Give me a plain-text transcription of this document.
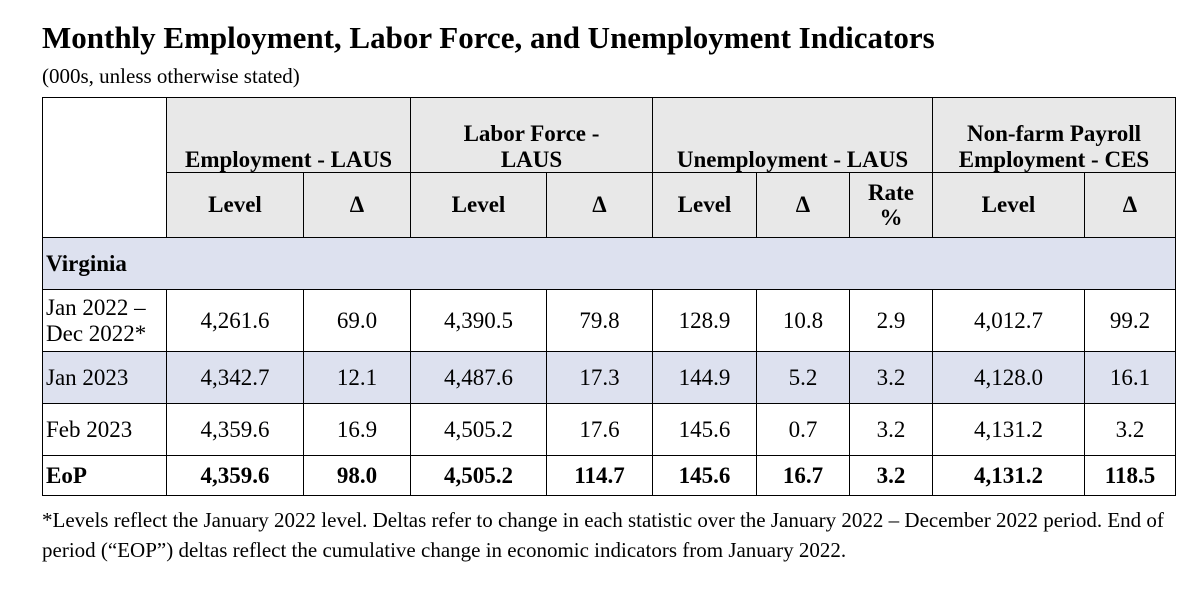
Monthly Employment, Labor Force, and Unemployment Indicators
(000s, unless otherwise stated)
	Employment - LAUS		Labor Force - LAUS		Unemployment - LAUS			Non-farm Payroll Employment - CES	

	Level	Δ	Level	Δ	Level	Δ	Rate %	Level	Δ
Virginia									
Jan 2022 –
Dec 2022*	4,261.6	69.0	4,390.5	79.8	128.9	10.8	2.9	4,012.7	99.2
Jan 2023	4,342.7	12.1	4,487.6	17.3	144.9	5.2	3.2	4,128.0	16.1
Feb 2023	4,359.6	16.9	4,505.2	17.6	145.6	0.7	3.2	4,131.2	3.2
EoP	4,359.6	98.0	4,505.2	114.7	145.6	16.7	3.2	4,131.2	118.5
*Levels reflect the January 2022 level. Deltas refer to change in each statistic over the January 2022 – December 2022 period. End of period (“EOP”) deltas reflect the cumulative change in economic indicators from January 2022.
